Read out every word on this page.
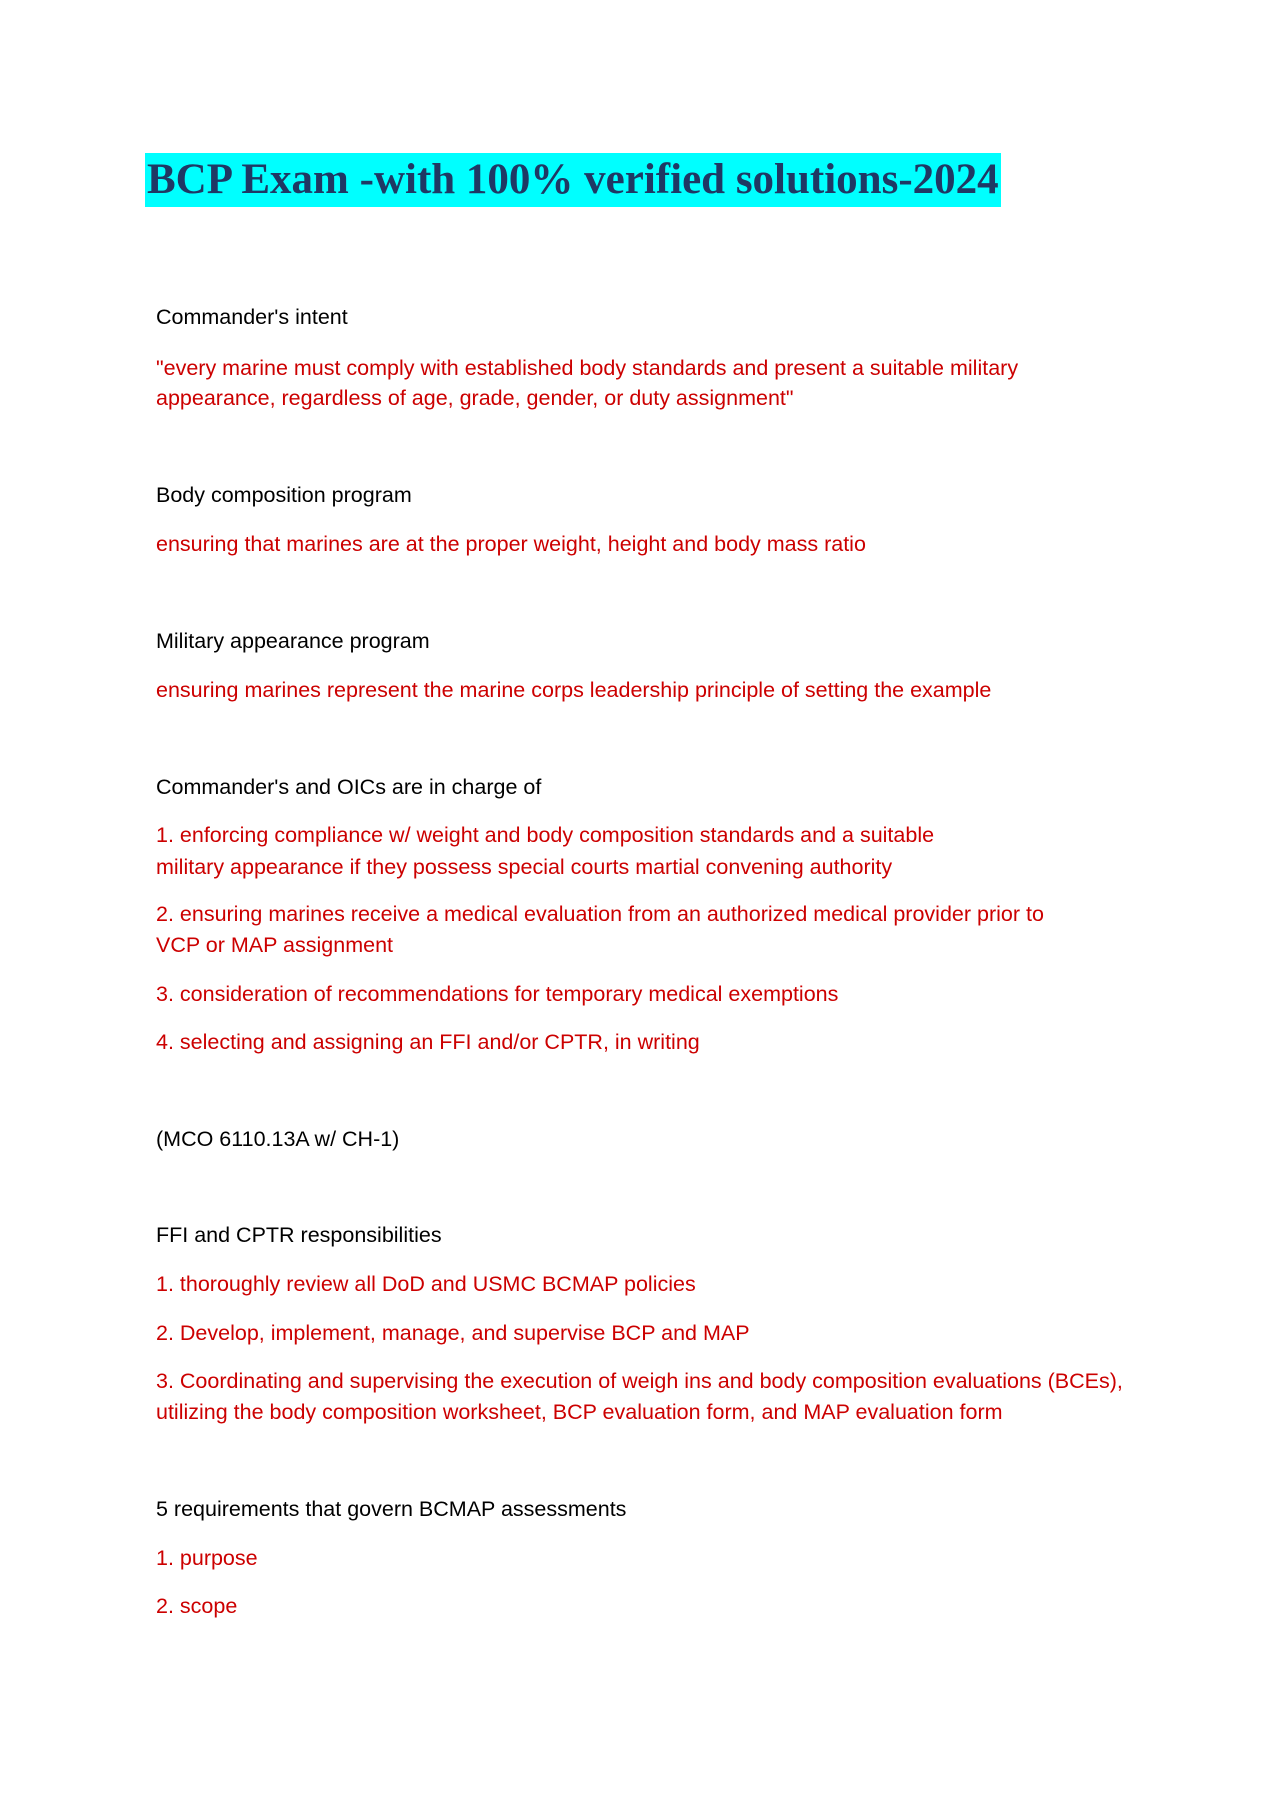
BCP Exam -with 100% verified solutions-2024

Commander's intent

"every marine must comply with established body standards and present a suitable military

appearance, regardless of age, grade, gender, or duty assignment"

Body composition program

ensuring that marines are at the proper weight, height and body mass ratio

Military appearance program

ensuring marines represent the marine corps leadership principle of setting the example

Commander's and OICs are in charge of

1. enforcing compliance w/ weight and body composition standards and a suitable

military appearance if they possess special courts martial convening authority

2. ensuring marines receive a medical evaluation from an authorized medical provider prior to

VCP or MAP assignment

3. consideration of recommendations for temporary medical exemptions

4. selecting and assigning an FFI and/or CPTR, in writing

(MCO 6110.13A w/ CH-1)

FFI and CPTR responsibilities

1. thoroughly review all DoD and USMC BCMAP policies

2. Develop, implement, manage, and supervise BCP and MAP

3. Coordinating and supervising the execution of weigh ins and body composition evaluations (BCEs),

utilizing the body composition worksheet, BCP evaluation form, and MAP evaluation form

5 requirements that govern BCMAP assessments

1. purpose

2. scope
